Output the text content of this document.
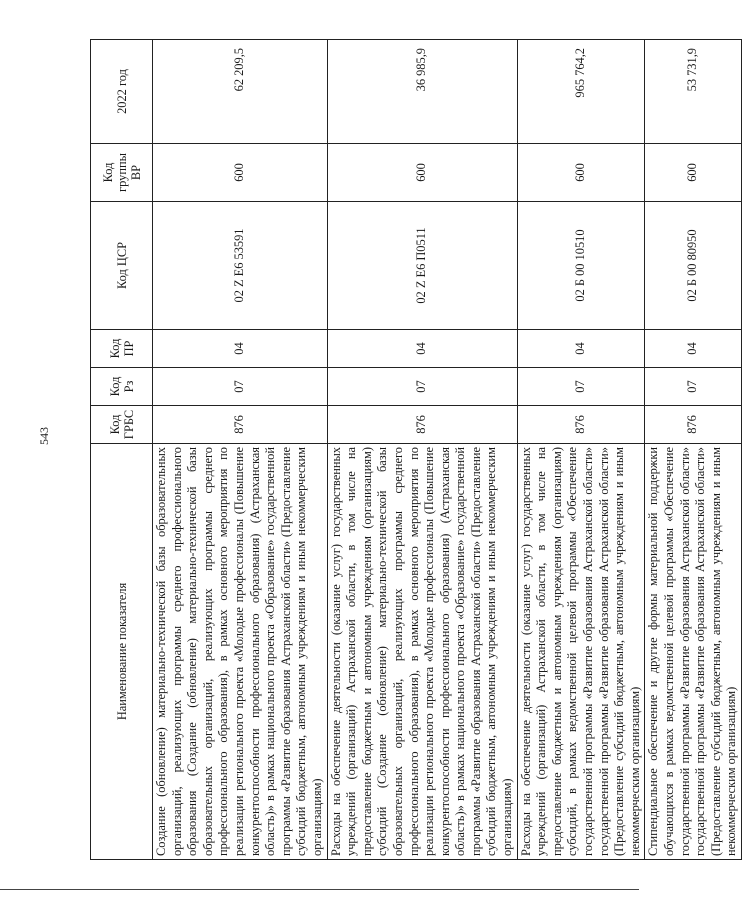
543
Наименование показателя	Код ГРБС	Код Рз	Код ПР	Код ЦСР	Код группы ВР	2022 год
Создание (обновление) материально-технической базы образовательных организаций, реализующих программы среднего профессионального образования (Создание (обновление) материально-технической базы образовательных организаций, реализующих программы среднего профессионального образования), в рамках основного мероприятия по реализации регионального проекта «Молодые профессионалы (Повышение конкурентоспособности профессионального образования) (Астраханская область)» в рамках национального проекта «Образование» государственной программы «Развитие образования Астраханской области» (Предоставление субсидий бюджетным, автономным учреждениям и иным некоммерческим организациям)	876	07	04	02 Z E6 53591	600	62 209,5
Расходы на обеспечение деятельности (оказание услуг) государственных учреждений (организаций) Астраханской области, в том числе на предоставление бюджетным и автономным учреждениям (организациям) субсидий (Создание (обновление) материально-технической базы образовательных организаций, реализующих программы среднего профессионального образования), в рамках основного мероприятия по реализации регионального проекта «Молодые профессионалы (Повышение конкурентоспособности профессионального образования) (Астраханская область)» в рамках национального проекта «Образование» государственной программы «Развитие образования Астраханской области» (Предоставление субсидий бюджетным, автономным учреждениям и иным некоммерческим организациям)	876	07	04	02 Z E6 П0511	600	36 985,9
Расходы на обеспечение деятельности (оказание услуг) государственных учреждений (организаций) Астраханской области, в том числе на предоставление бюджетным и автономным учреждениям (организациям) субсидий, в рамках ведомственной целевой программы «Обеспечение государственной программы «Развитие образования Астраханской области» государственной программы «Развитие образования Астраханской области» (Предоставление субсидий бюджетным, автономным учреждениям и иным некоммерческим организациям)	876	07	04	02 Б 00 10510	600	965 764,2
Стипендиальное обеспечение и другие формы материальной поддержки обучающихся в рамках ведомственной целевой программы «Обеспечение государственной программы «Развитие образования Астраханской области» государственной программы «Развитие образования Астраханской области» (Предоставление субсидий бюджетным, автономным учреждениям и иным некоммерческим организациям)	876	07	04	02 Б 00 80950	600	53 731,9
